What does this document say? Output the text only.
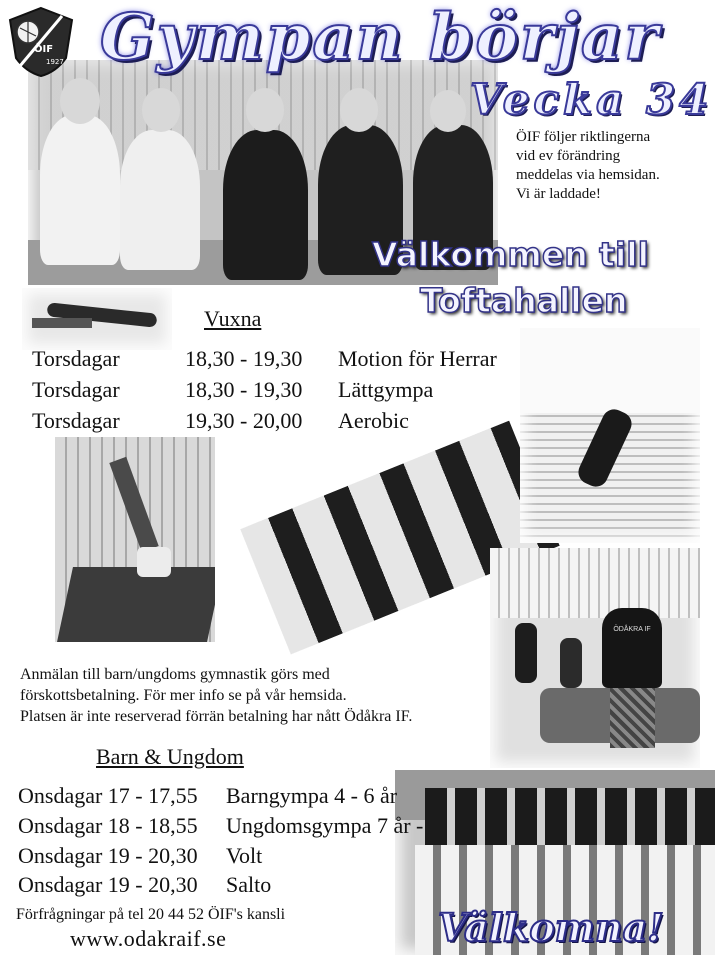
ÖDÅKRA IF
ÖIF
1927 Gympan börjar
Vecka 34
ÖIF följer riktlingerna
vid ev förändring
meddelas via hemsidan.
Vi är laddade!
Välkommen till
Toftahallen
Vuxna
Torsdagar	18,30 - 19,30 Motion för Herrar
Torsdagar	18,30 - 19,30 Lättgympa
Torsdagar	19,30 - 20,00 Aerobic
Anmälan till barn/ungdoms gymnastik görs med
förskottsbetalning. För mer info se på vår hemsida.
Platsen är inte reserverad förrän betalning har nått Ödåkra IF.
Barn & Ungdom
Onsdagar 17 - 17,55 Barngympa 4 - 6 år
Onsdagar 18 - 18,55 Ungdomsgympa 7 år -
Onsdagar 19 - 20,30 Volt
Onsdagar 19 - 20,30 Salto
Förfrågningar på tel 20 44 52 ÖIF's kansli
www.odakraif.se	Välkomna!
